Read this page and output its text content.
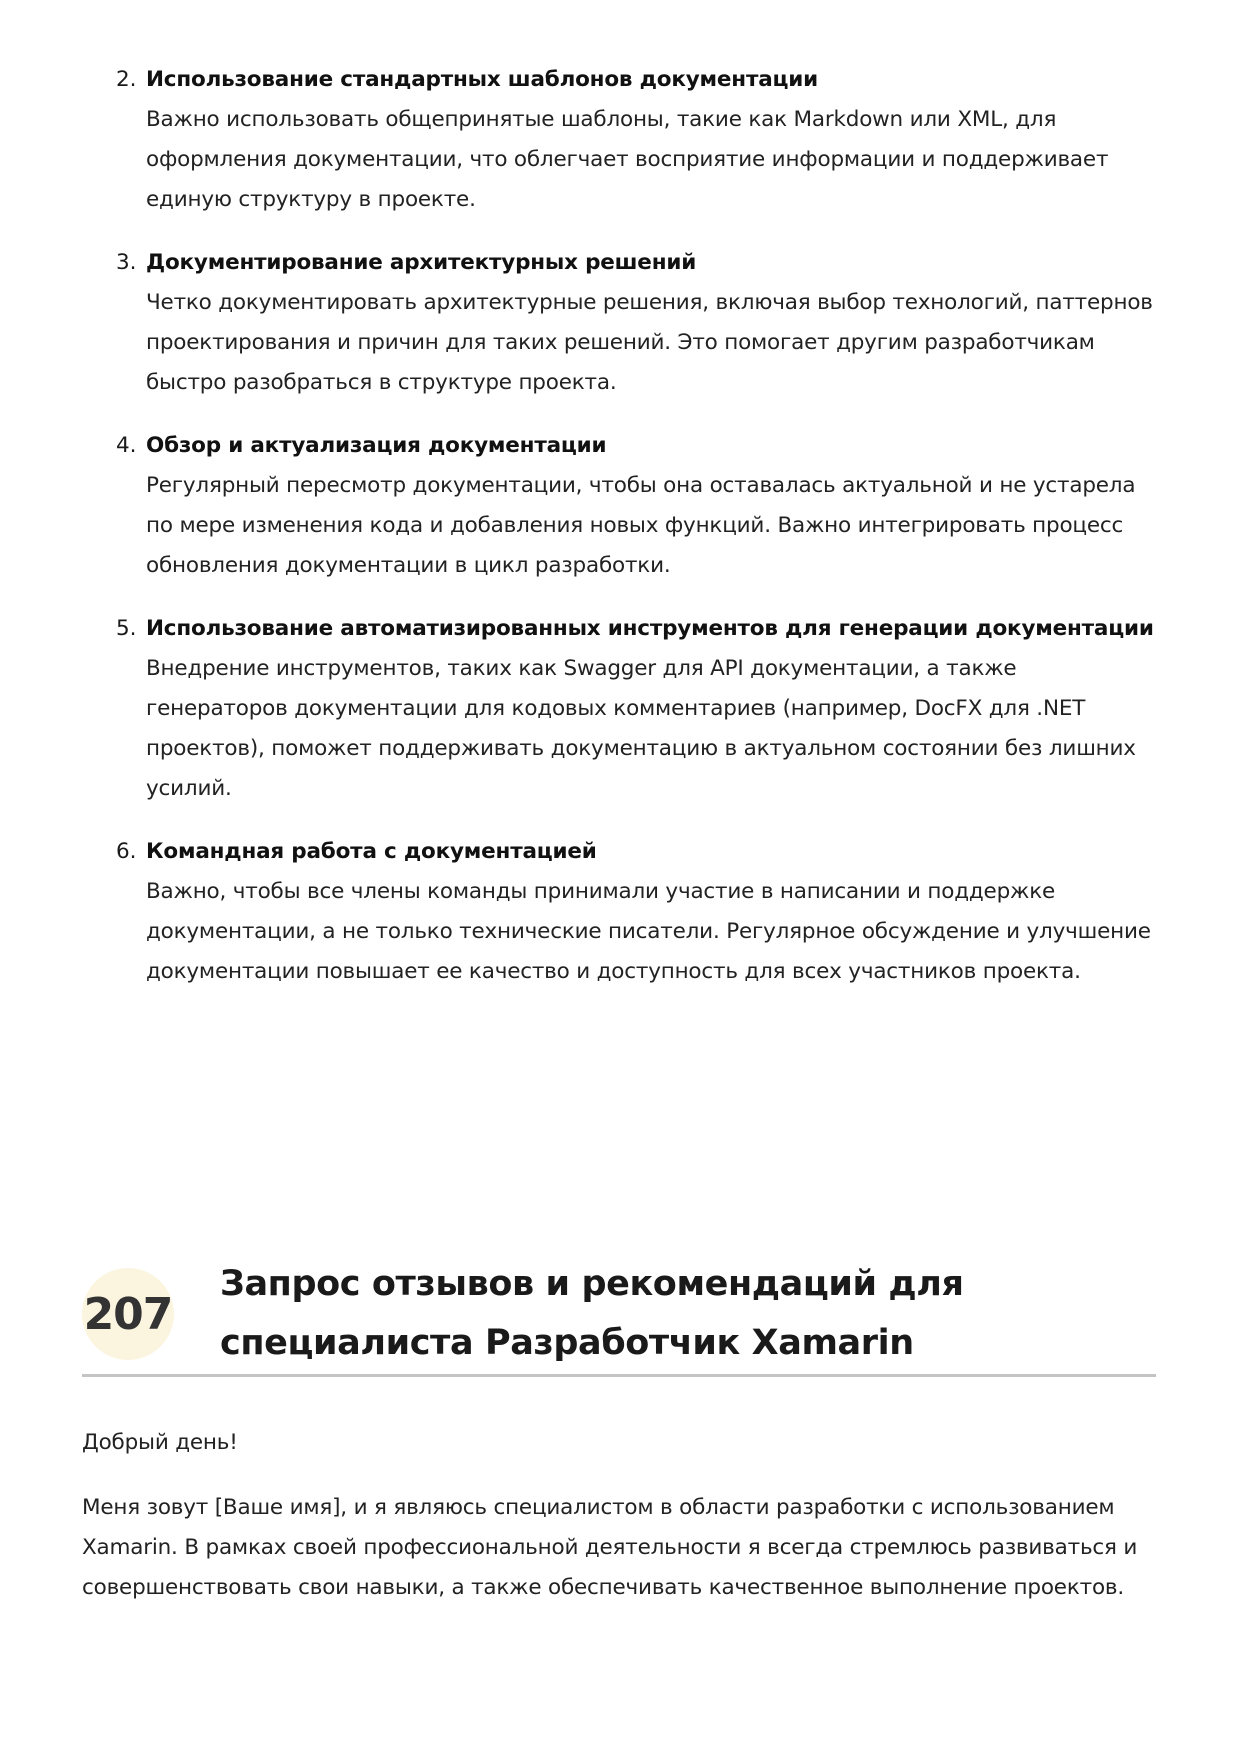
2. Использование стандартных шаблонов документации
Важно использовать общепринятые шаблоны, такие как Markdown или XML, для оформления документации, что облегчает восприятие информации и поддерживает единую структуру в проекте.
3. Документирование архитектурных решений
Четко документировать архитектурные решения, включая выбор технологий, паттернов проектирования и причин для таких решений. Это помогает другим разработчикам быстро разобраться в структуре проекта.
4. Обзор и актуализация документации
Регулярный пересмотр документации, чтобы она оставалась актуальной и не устарела по мере изменения кода и добавления новых функций. Важно интегрировать процесс обновления документации в цикл разработки.
5. Использование автоматизированных инструментов для генерации документации
Внедрение инструментов, таких как Swagger для API документации, а также генераторов документации для кодовых комментариев (например, DocFX для .NET проектов), поможет поддерживать документацию в актуальном состоянии без лишних усилий.
6. Командная работа с документацией
Важно, чтобы все члены команды принимали участие в написании и поддержке документации, а не только технические писатели. Регулярное обсуждение и улучшение документации повышает ее качество и доступность для всех участников проекта.
207
Запрос отзывов и рекомендаций для специалиста Разработчик Xamarin

Добрый день!

Меня зовут [Ваше имя], и я являюсь специалистом в области разработки с использованием Xamarin. В рамках своей профессиональной деятельности я всегда стремлюсь развиваться и совершенствовать свои навыки, а также обеспечивать качественное выполнение проектов.
